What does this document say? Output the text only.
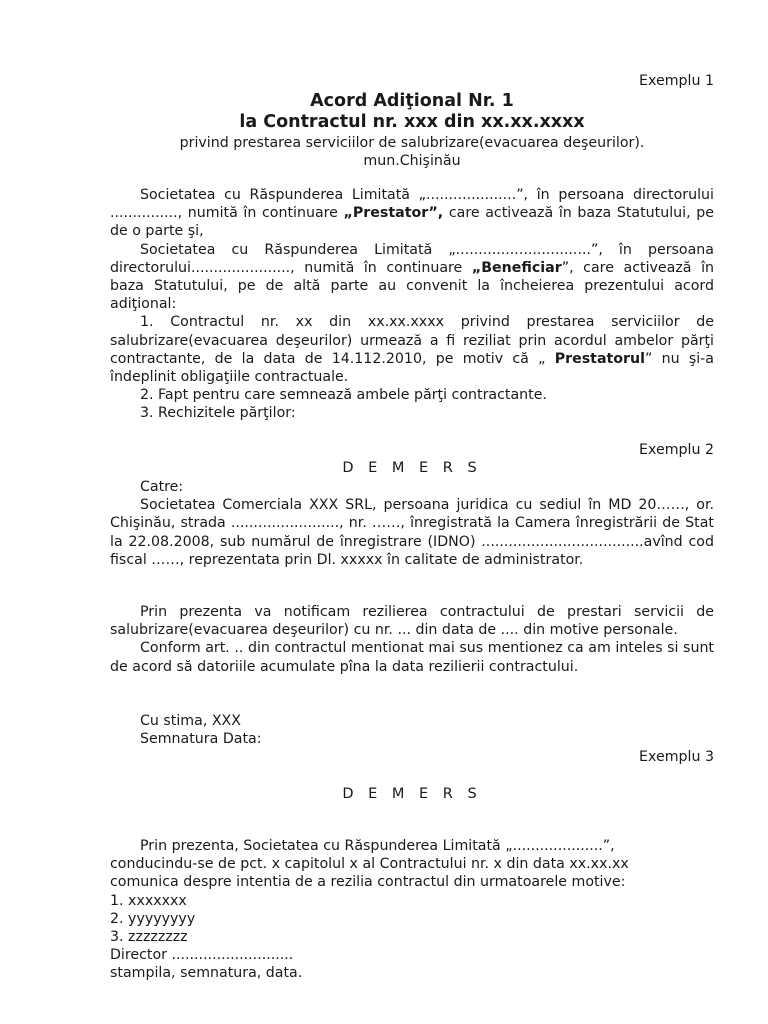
Exemplu 1
Acord Adiţional Nr. 1
la Contractul nr. xxx din xx.xx.xxxx
privind prestarea serviciilor de salubrizare(evacuarea deşeurilor).
mun.Chişinău

Societatea cu Răspunderea Limitată „....................”, în persoana directorului ..............., numită în continuare „Prestator”, care activează în baza Statutului, pe de o parte şi,

Societatea cu Răspunderea Limitată „..............................”, în persoana directorului......................, numită în continuare „Beneficiar”, care activează în baza Statutului, pe de altă parte au convenit la încheierea prezentului acord adiţional:

1. Contractul nr. xx din xx.xx.xxxx privind prestarea serviciilor de salubrizare(evacuarea deşeurilor) urmează a fi reziliat prin acordul ambelor părţi contractante, de la data de 14.112.2010, pe motiv că „ Prestatorul” nu şi-a îndeplinit obligaţiile contractuale.

2. Fapt pentru care semnează ambele părţi contractante.

3. Rechizitele părţilor:

Exemplu 2
D E M E R S

Catre:

Societatea Comerciala XXX SRL, persoana juridica cu sediul în MD 20……, or. Chişinău, strada ........................, nr. ……, înregistrată la Camera înregistrării de Stat la 22.08.2008, sub numărul de înregistrare (IDNO) ....................................avînd cod fiscal ……, reprezentata prin Dl. xxxxx în calitate de administrator.

Prin prezenta va notificam rezilierea contractului de prestari servicii de salubrizare(evacuarea deşeurilor) cu nr. ... din data de .... din motive personale.

Conform art. .. din contractul mentionat mai sus mentionez ca am inteles si sunt de acord să datoriile acumulate pîna la data rezilierii contractului.

Cu stima, XXX

Semnatura Data:

Exemplu 3
D E M E R S

Prin prezenta, Societatea cu Răspunderea Limitată „....................”,

conducindu-se de pct. x capitolul x al Contractului nr. x din data xx.xx.xx

comunica despre intentia de a rezilia contractul din urmatoarele motive:

1. xxxxxxx

2. yyyyyyyy

3. zzzzzzzz

Director ...........................

stampila, semnatura, data.
